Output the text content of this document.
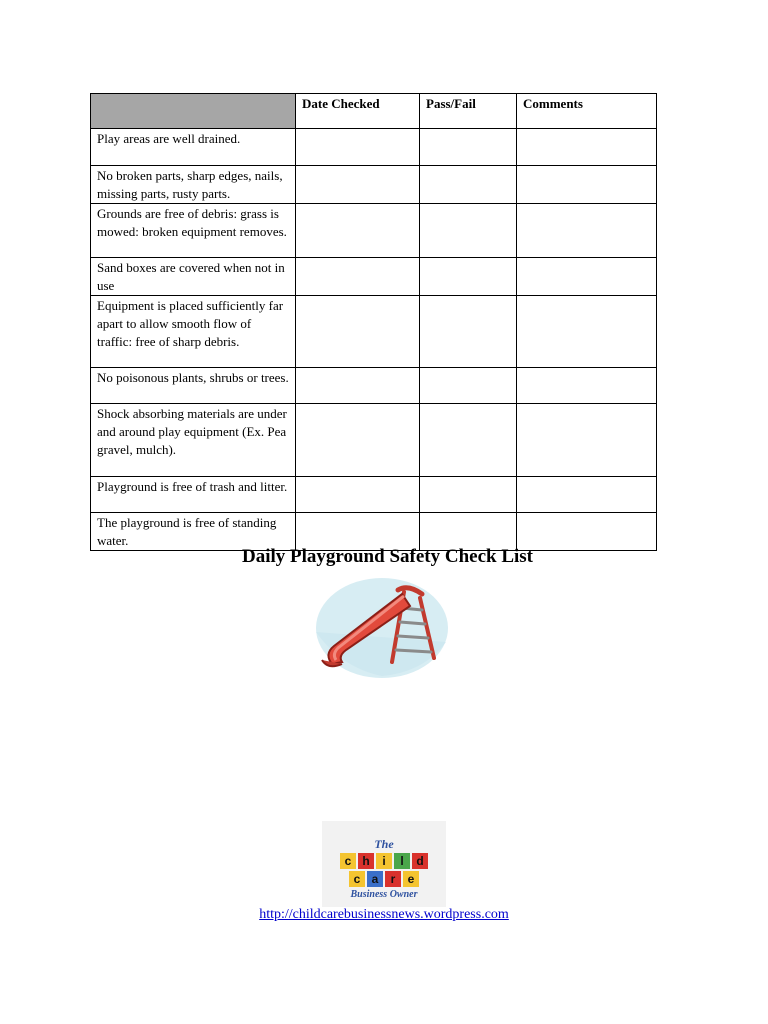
	Date Checked	Pass/Fail	Comments
Play areas are well drained.			
No broken parts, sharp edges, nails, missing parts, rusty parts.			
Grounds are free of debris: grass is mowed: broken equipment removes.			
Sand boxes are covered when not in use			
Equipment is placed sufficiently far apart to allow smooth flow of traffic: free of sharp debris.			
No poisonous plants, shrubs or trees.			
Shock absorbing materials are under and around play equipment (Ex. Pea gravel, mulch).			
Playground is free of trash and litter.			
The playground is free of standing water.			
Daily Playground Safety Check List
The
c h	i	l	d
c a	r	e
Business Owner
http://childcarebusinessnews.wordpress.com
